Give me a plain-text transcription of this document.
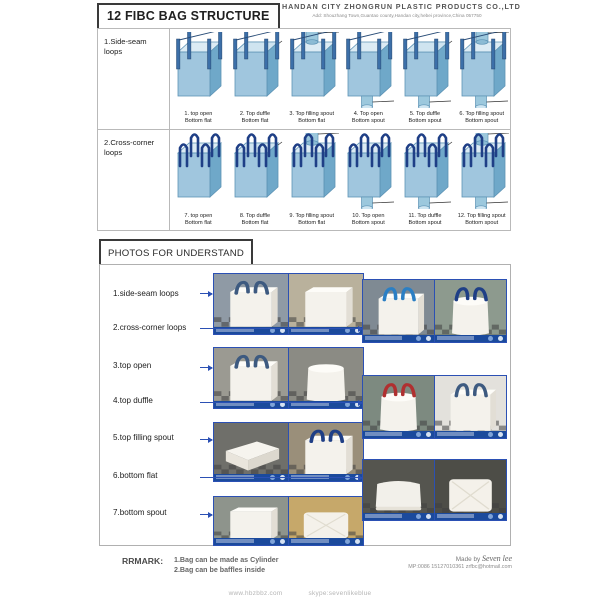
12 FIBC BAG STRUCTURE
HANDAN CITY ZHONGRUN PLASTIC PRODUCTS CO.,LTD
Add: Shouzhang Town,Guantao county,Handan city,hebei province,China 057750
1.Side-seam loops
1. top open
Bottom flat
2. Top duffle
Bottom flat
3. Top filling spout
Bottom flat
4. Top open
Bottom spout
5. Top duffle
Bottom spout
6. Top filling spout
Bottom spout
2.Cross-corner loops
7. top open
Bottom flat
8. Top duffle
Bottom flat
9. Top filling spout
Bottom flat
10. Top open
Bottom spout
11. Top duffle
Bottom spout
12. Top filling spout
Bottom spout
PHOTOS FOR UNDERSTAND
1.side-seam loops
2.cross-corner loops
3.top open
4.top duffle
5.top filling spout
6.bottom flat
7.bottom spout
RRMARK: 1.Bag can be made as Cylinder
2.Bag can be baffles inside
Made by Seven lee
MP:0086 15127010361 zrfbc@hotmail.com
www.hbzbbz.com	skype:sevenlikeblue
